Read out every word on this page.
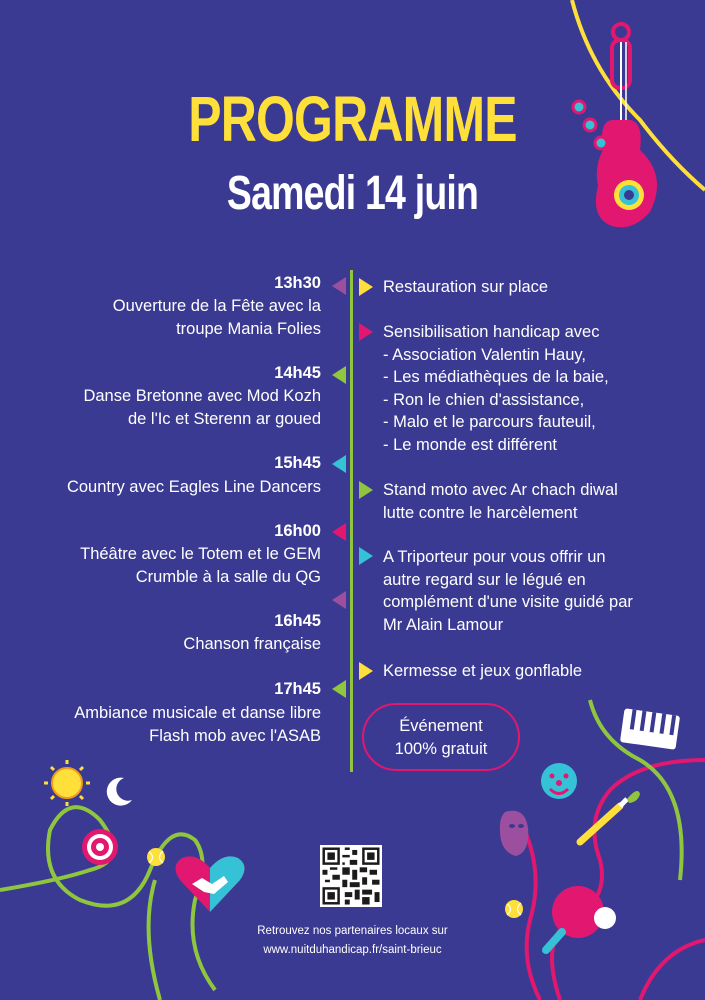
PROGRAMME
Samedi 14 juin
13h30
Ouverture de la Fête avec la
troupe Mania Folies
14h45
Danse Bretonne avec Mod Kozh
de l'Ic et Sterenn ar goued
15h45
Country avec Eagles Line Dancers
16h00
Théâtre avec le Totem et le GEM
Crumble à la salle du QG
16h45
Chanson française
17h45
Ambiance musicale et danse libre
Flash mob avec l'ASAB
Restauration sur place
Sensibilisation handicap avec
- Association Valentin Hauy,
- Les médiathèques de la baie,
- Ron le chien d'assistance,
- Malo et le parcours fauteuil,
- Le monde est différent
Stand moto avec Ar chach diwal
lutte contre le harcèlement
A Triporteur pour vous offrir un
autre regard sur le légué en
complément d'une visite guidé par
Mr Alain Lamour
Kermesse et jeux gonflable
Événement
100% gratuit
Retrouvez nos partenaires locaux sur
www.nuitduhandicap.fr/saint-brieuc
